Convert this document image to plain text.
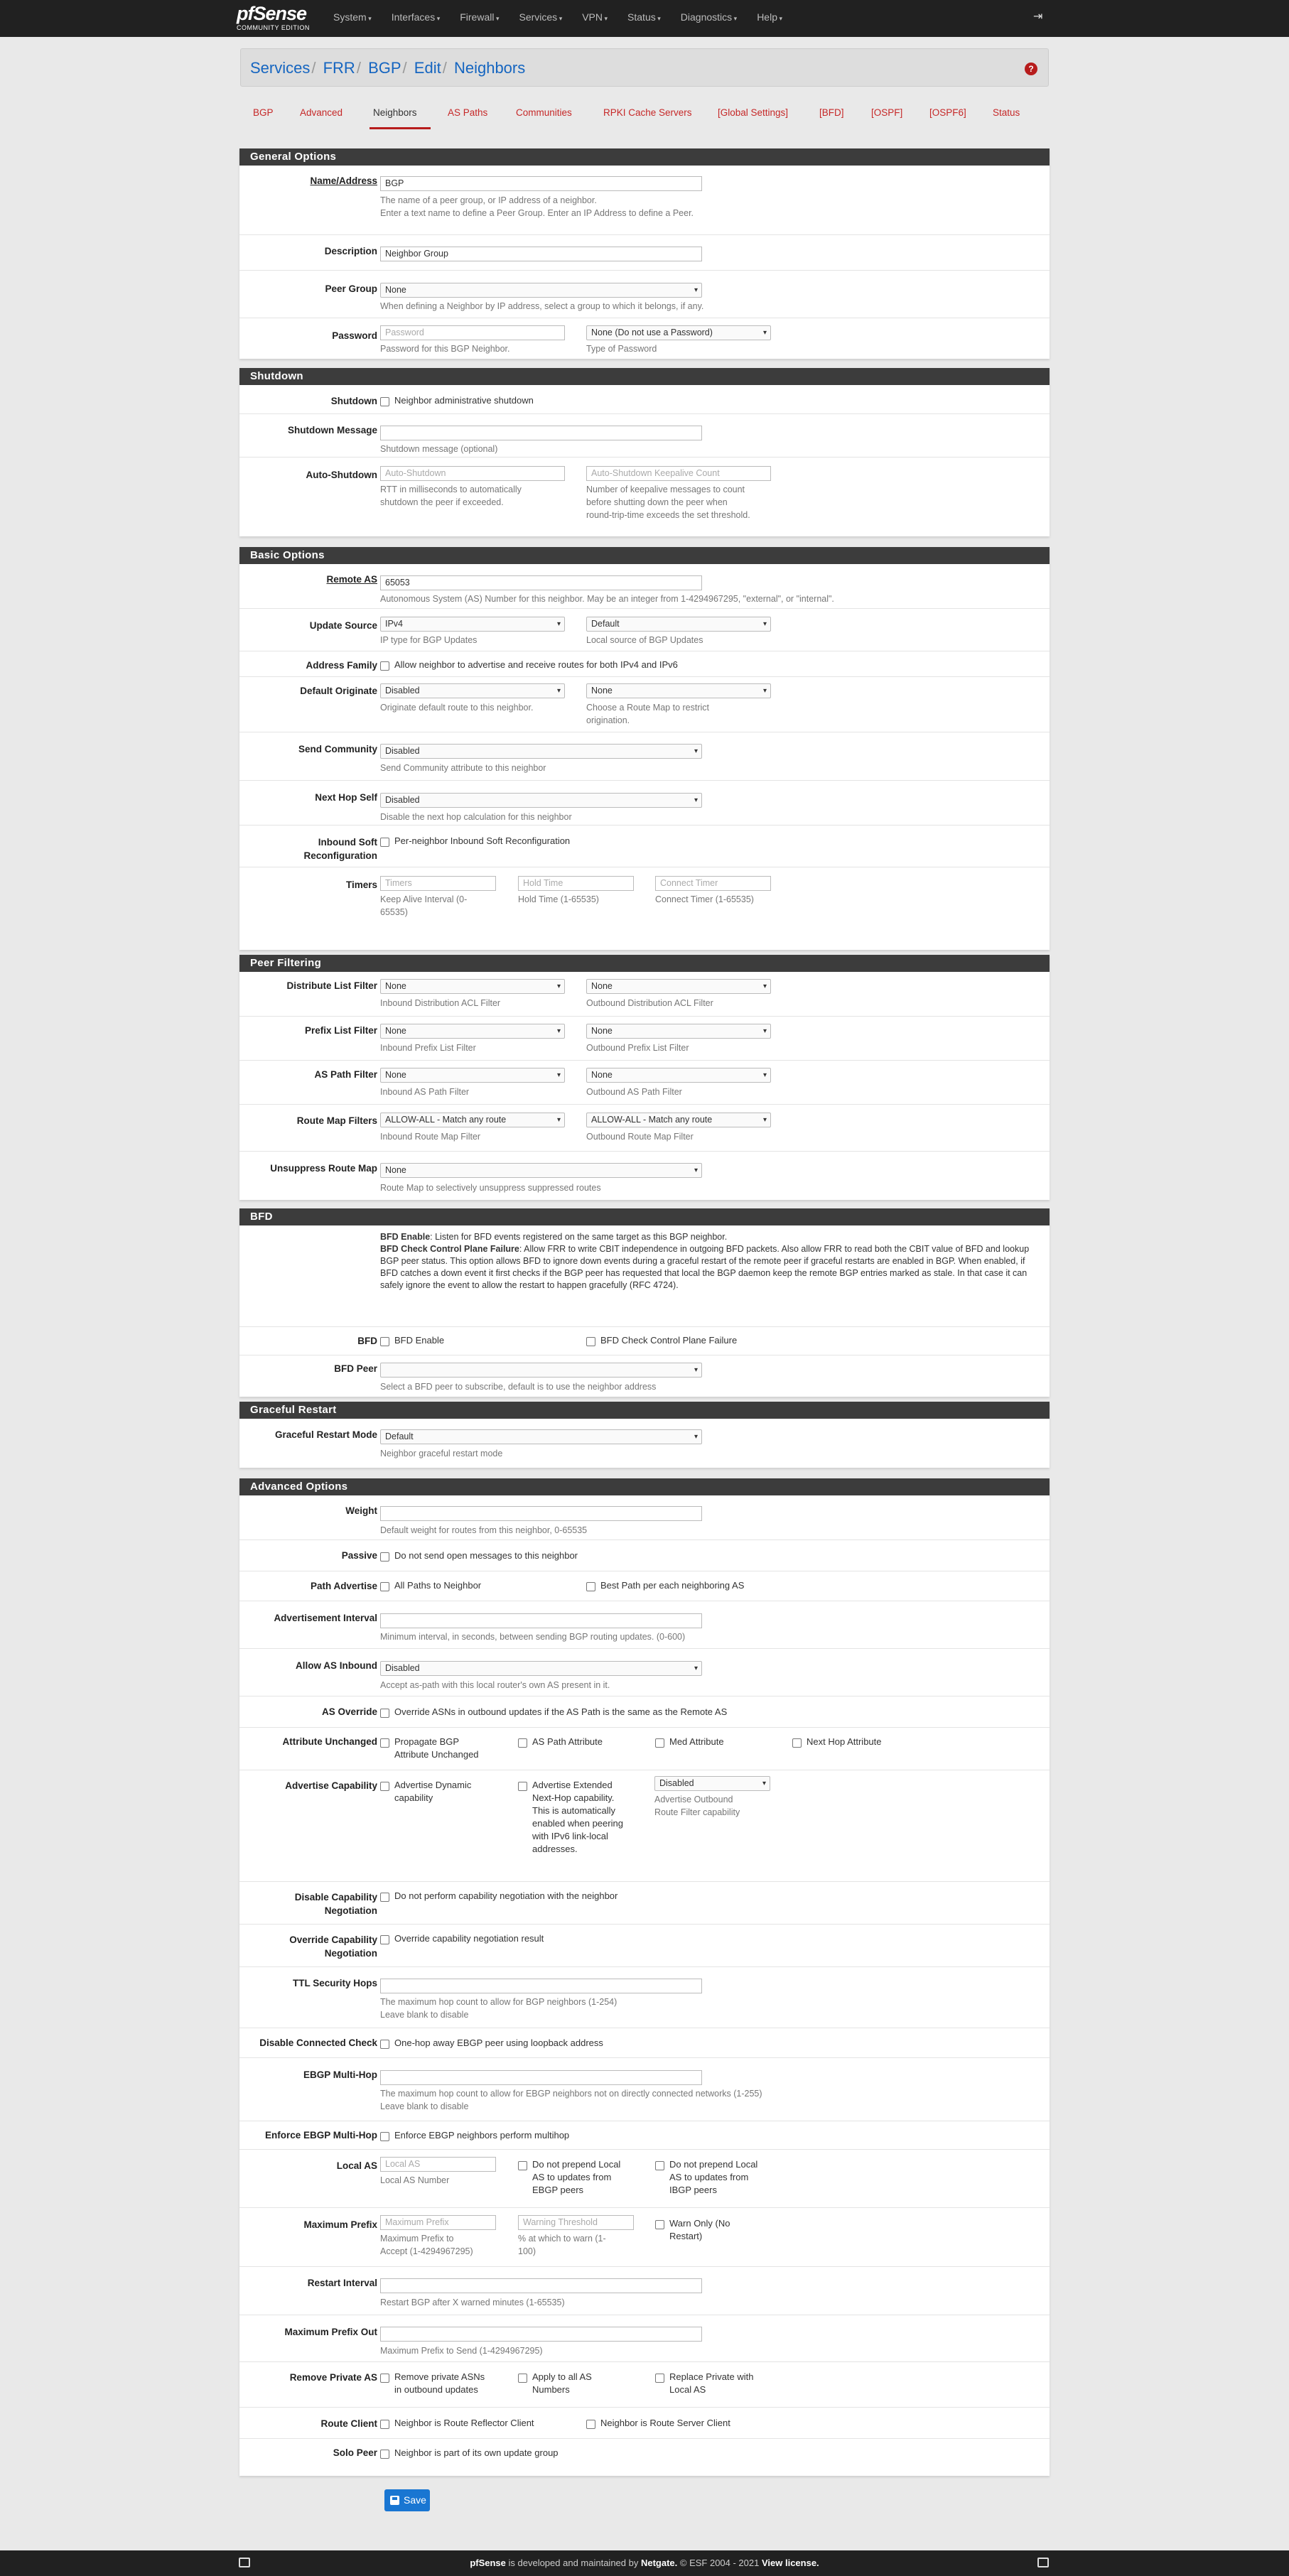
pfSense
COMMUNITY EDITION
System ▾	Interfaces ▾	Firewall ▾	Services ▾	VPN ▾	Status ▾	Diagnostics ▾	Help ▾	⇥
Services/ FRR/ BGP/ Edit/ Neighbors	?
BGP	Advanced	Neighbors	AS Paths	Communities	RPKI Cache Servers	[Global Settings]	[BFD]	[OSPF]	[OSPF6]	Status
General Options
Name/Address BGP
The name of a peer group, or IP address of a neighbor.
Enter a text name to define a Peer Group. Enter an IP Address to define a Peer.
Description Neighbor Group
Peer Group None ▾
When defining a Neighbor by IP address, select a group to which it belongs, if any.
Password Password
Password for this BGP Neighbor.
None (Do not use a Password) ▾
Type of Password
Shutdown
Shutdown	Neighbor administrative shutdown
Shutdown Message
Shutdown message (optional)
Auto-Shutdown Auto-Shutdown
RTT in milliseconds to automatically
shutdown the peer if exceeded.
Auto-Shutdown Keepalive Count
Number of keepalive messages to count
before shutting down the peer when
round-trip-time exceeds the set threshold.
Basic Options
Remote AS 65053
Autonomous System (AS) Number for this neighbor. May be an integer from 1-4294967295, "external", or "internal".
Update Source IPv4 ▾
IP type for BGP Updates
Default ▾
Local source of BGP Updates
Address Family	Allow neighbor to advertise and receive routes for both IPv4 and IPv6
Default Originate Disabled ▾
Originate default route to this neighbor.
None ▾
Choose a Route Map to restrict
origination.
Send Community Disabled ▾
Send Community attribute to this neighbor
Next Hop Self Disabled ▾
Disable the next hop calculation for this neighbor
Inbound Soft
Reconfiguration
Per-neighbor Inbound Soft Reconfiguration
Timers Timers
Keep Alive Interval (0-
65535)
Hold Time
Hold Time (1-65535)
Connect Timer
Connect Timer (1-65535)
Peer Filtering
Distribute List Filter None ▾
Inbound Distribution ACL Filter
None ▾
Outbound Distribution ACL Filter
Prefix List Filter None ▾
Inbound Prefix List Filter
None ▾
Outbound Prefix List Filter
AS Path Filter None ▾
Inbound AS Path Filter
None ▾
Outbound AS Path Filter
Route Map Filters ALLOW-ALL - Match any route ▾
Inbound Route Map Filter
ALLOW-ALL - Match any route ▾
Outbound Route Map Filter
Unsuppress Route Map None ▾
Route Map to selectively unsuppress suppressed routes
BFD
BFD Enable: Listen for BFD events registered on the same target as this BGP neighbor.
BFD Check Control Plane Failure: Allow FRR to write CBIT independence in outgoing BFD packets. Also allow FRR to read both the CBIT value of BFD and lookup BGP peer status. This option allows BFD to ignore down events during a graceful restart of the remote peer if graceful restarts are enabled in BGP. When enabled, if BFD catches a down event it first checks if the BGP peer has requested that local the BGP daemon keep the remote BGP entries marked as stale. In that case it can safely ignore the event to allow the restart to happen gracefully (RFC 4724).
BFD	BFD Enable	BFD Check Control Plane Failure
BFD Peer
▾
Select a BFD peer to subscribe, default is to use the neighbor address
Graceful Restart
Graceful Restart Mode Default ▾
Neighbor graceful restart mode
Advanced Options
Weight
Default weight for routes from this neighbor, 0-65535
Passive	Do not send open messages to this neighbor
Path Advertise	All Paths to Neighbor	Best Path per each neighboring AS
Advertisement Interval
Minimum interval, in seconds, between sending BGP routing updates. (0-600)
Allow AS Inbound Disabled ▾
Accept as-path with this local router's own AS present in it.
AS Override	Override ASNs in outbound updates if the AS Path is the same as the Remote AS
Attribute Unchanged	Propagate BGP
Attribute Unchanged
AS Path Attribute	Med Attribute	Next Hop Attribute
Advertise Capability	Advertise Dynamic
capability
Advertise Extended
Next-Hop capability.
This is automatically
enabled when peering
with IPv6 link-local
addresses.
Disabled ▾
Advertise Outbound
Route Filter capability
Disable Capability
Negotiation
Do not perform capability negotiation with the neighbor
Override Capability
Negotiation
Override capability negotiation result
TTL Security Hops
The maximum hop count to allow for BGP neighbors (1-254)
Leave blank to disable
Disable Connected Check	One-hop away EBGP peer using loopback address
EBGP Multi-Hop
The maximum hop count to allow for EBGP neighbors not on directly connected networks (1-255)
Leave blank to disable
Enforce EBGP Multi-Hop	Enforce EBGP neighbors perform multihop
Local AS Local AS
Local AS Number
Do not prepend Local
AS to updates from
EBGP peers
Do not prepend Local
AS to updates from
IBGP peers
Maximum Prefix Maximum Prefix
Maximum Prefix to
Accept (1-4294967295)
Warning Threshold
% at which to warn (1-
100)
Warn Only (No
Restart)
Restart Interval
Restart BGP after X warned minutes (1-65535)
Maximum Prefix Out
Maximum Prefix to Send (1-4294967295)
Remove Private AS	Remove private ASNs
in outbound updates
Apply to all AS
Numbers
Replace Private with
Local AS
Route Client	Neighbor is Route Reflector Client	Neighbor is Route Server Client
Solo Peer	Neighbor is part of its own update group
Save
pfSense is developed and maintained by Netgate. © ESF 2004 - 2021 View license.
